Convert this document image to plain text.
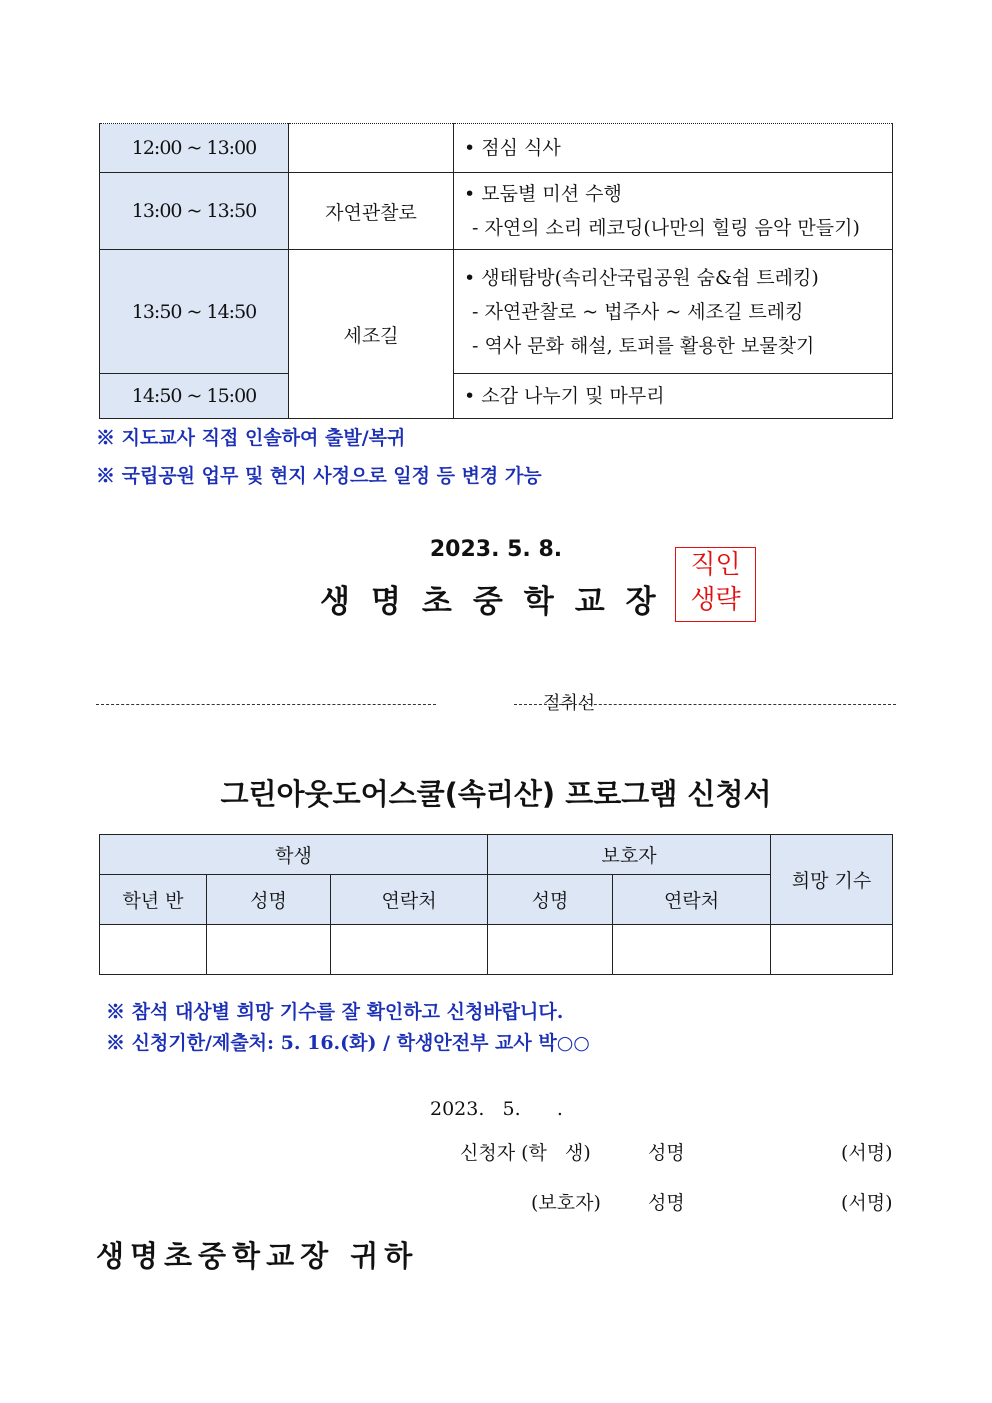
12:00 ~ 13:00		• 점심 식사

13:00 ~ 13:50	자연관찰로	• 모둠별 미션 수행
- 자연의 소리 레코딩(나만의 힐링 음악 만들기)

13:50 ~ 14:50	세조길	• 생태탐방(속리산국립공원 숨&쉼 트레킹)
- 자연관찰로 ~ 법주사 ~ 세조길 트레킹
- 역사 문화 해설, 토퍼를 활용한 보물찾기

14:50 ~ 15:00		• 소감 나누기 및 마무리
※ 지도교사 직접 인솔하여 출발/복귀
※ 국립공원 업무 및 현지 사정으로 일정 등 변경 가능
2023. 5. 8.
생명초중학교장
직인
생략
절취선
그린아웃도어스쿨(속리산) 프로그램 신청서
학생			보호자		희망 기수
학년 반	성명	연락처	성명	연락처	

※ 참석 대상별 희망 기수를 잘 확인하고 신청바랍니다.
※ 신청기한/제출처: 5. 16.(화) / 학생안전부 교사 박○○
2023.   5.      .
신청자 (학   생)	성명	(서명)
(보호자) 성명	(서명)
생명초중학교장 귀하
